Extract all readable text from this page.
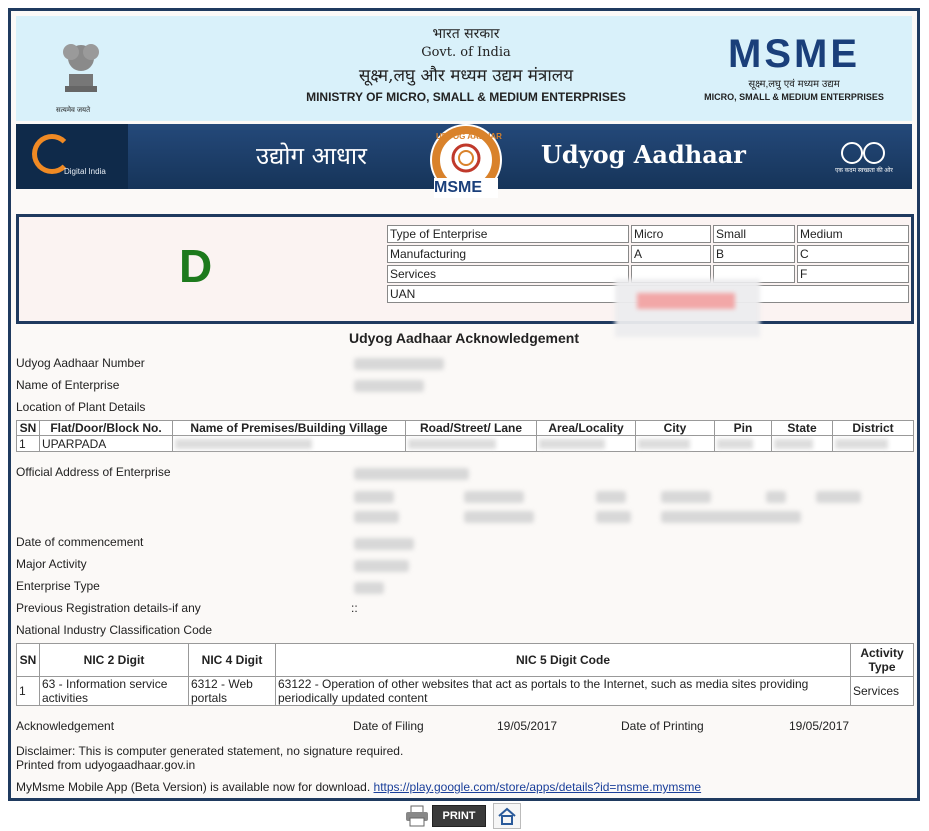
सत्यमेव जयते
भारत सरकार
Govt. of India
सूक्ष्म,लघु और मध्यम उद्यम मंत्रालय
MINISTRY OF MICRO, SMALL & MEDIUM ENTERPRISES
MSME
सूक्ष्म,लघु एवं मध्यम उद्यम
MICRO, SMALL & MEDIUM ENTERPRISES
Digital India
उद्योग आधार
UDYOG AADHAR
MSME
Udyog Aadhaar
एक कदम स्वच्छता की ओर
D
Type of Enterprise	Micro	Small	Medium
Manufacturing	A	B	C
Services			F
UAN			
Udyog Aadhaar Acknowledgement
Udyog Aadhaar Number
Name of Enterprise
Location of Plant Details
SN	Flat/Door/Block No.	Name of Premises/Building Village	Road/Street/ Lane	Area/Locality	City	Pin	State	District
1	UPARPADA	

Official Address of Enterprise
Date of commencement
Major Activity
Enterprise Type
Previous Registration details-if any	::
National Industry Classification Code
SN	NIC 2 Digit	NIC 4 Digit	NIC 5 Digit Code	Activity Type
1	63 - Information service activities	6312 - Web portals	63122 - Operation of other websites that act as portals to the Internet, such as media sites providing periodically updated content	Services
Acknowledgement	Date of Filing	19/05/2017	Date of Printing	19/05/2017
Disclaimer: This is computer generated statement, no signature required.
Printed from udyogaadhaar.gov.in
MyMsme Mobile App (Beta Version) is available now for download. https://play.google.com/store/apps/details?id=msme.mymsme
PRINT
